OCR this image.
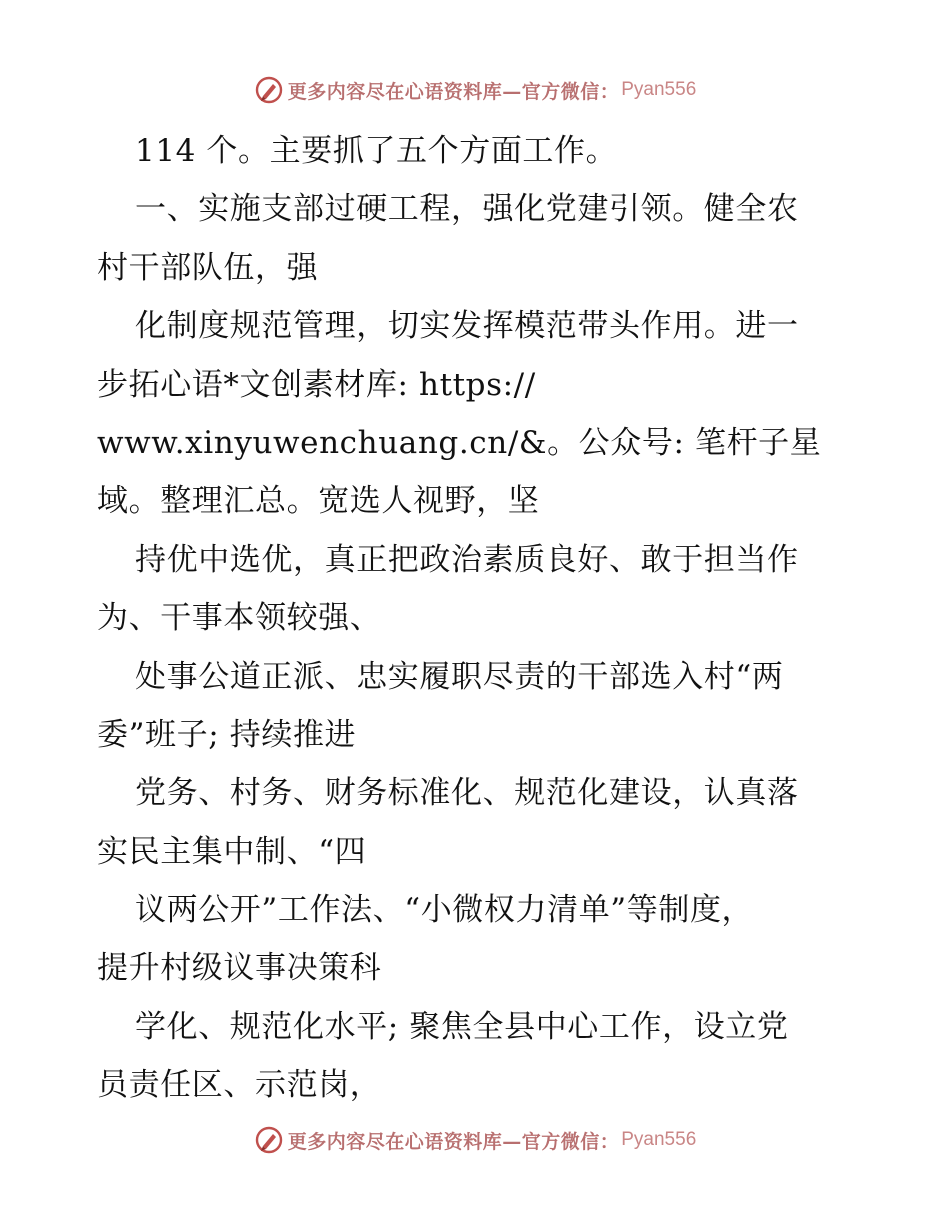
更多内容尽在心语资料库—官方微信： Pyan556
114 个。主要抓了五个方面工作。
一、实施支部过硬工程，强化党建引领。健全农
村干部队伍，强
化制度规范管理，切实发挥模范带头作用。进一
步拓心语*文创素材库: https://
www.xinyuwenchuang.cn/&。公众号: 笔杆子星
域。整理汇总。宽选人视野，坚
持优中选优，真正把政治素质良好、敢于担当作
为、干事本领较强、
处事公道正派、忠实履职尽责的干部选入村“两
委”班子; 持续推进
党务、村务、财务标准化、规范化建设，认真落
实民主集中制、“四
议两公开”工作法、“小微权力清单”等制度，
提升村级议事决策科
学化、规范化水平; 聚焦全县中心工作，设立党
员责任区、示范岗，
更多内容尽在心语资料库—官方微信： Pyan556
